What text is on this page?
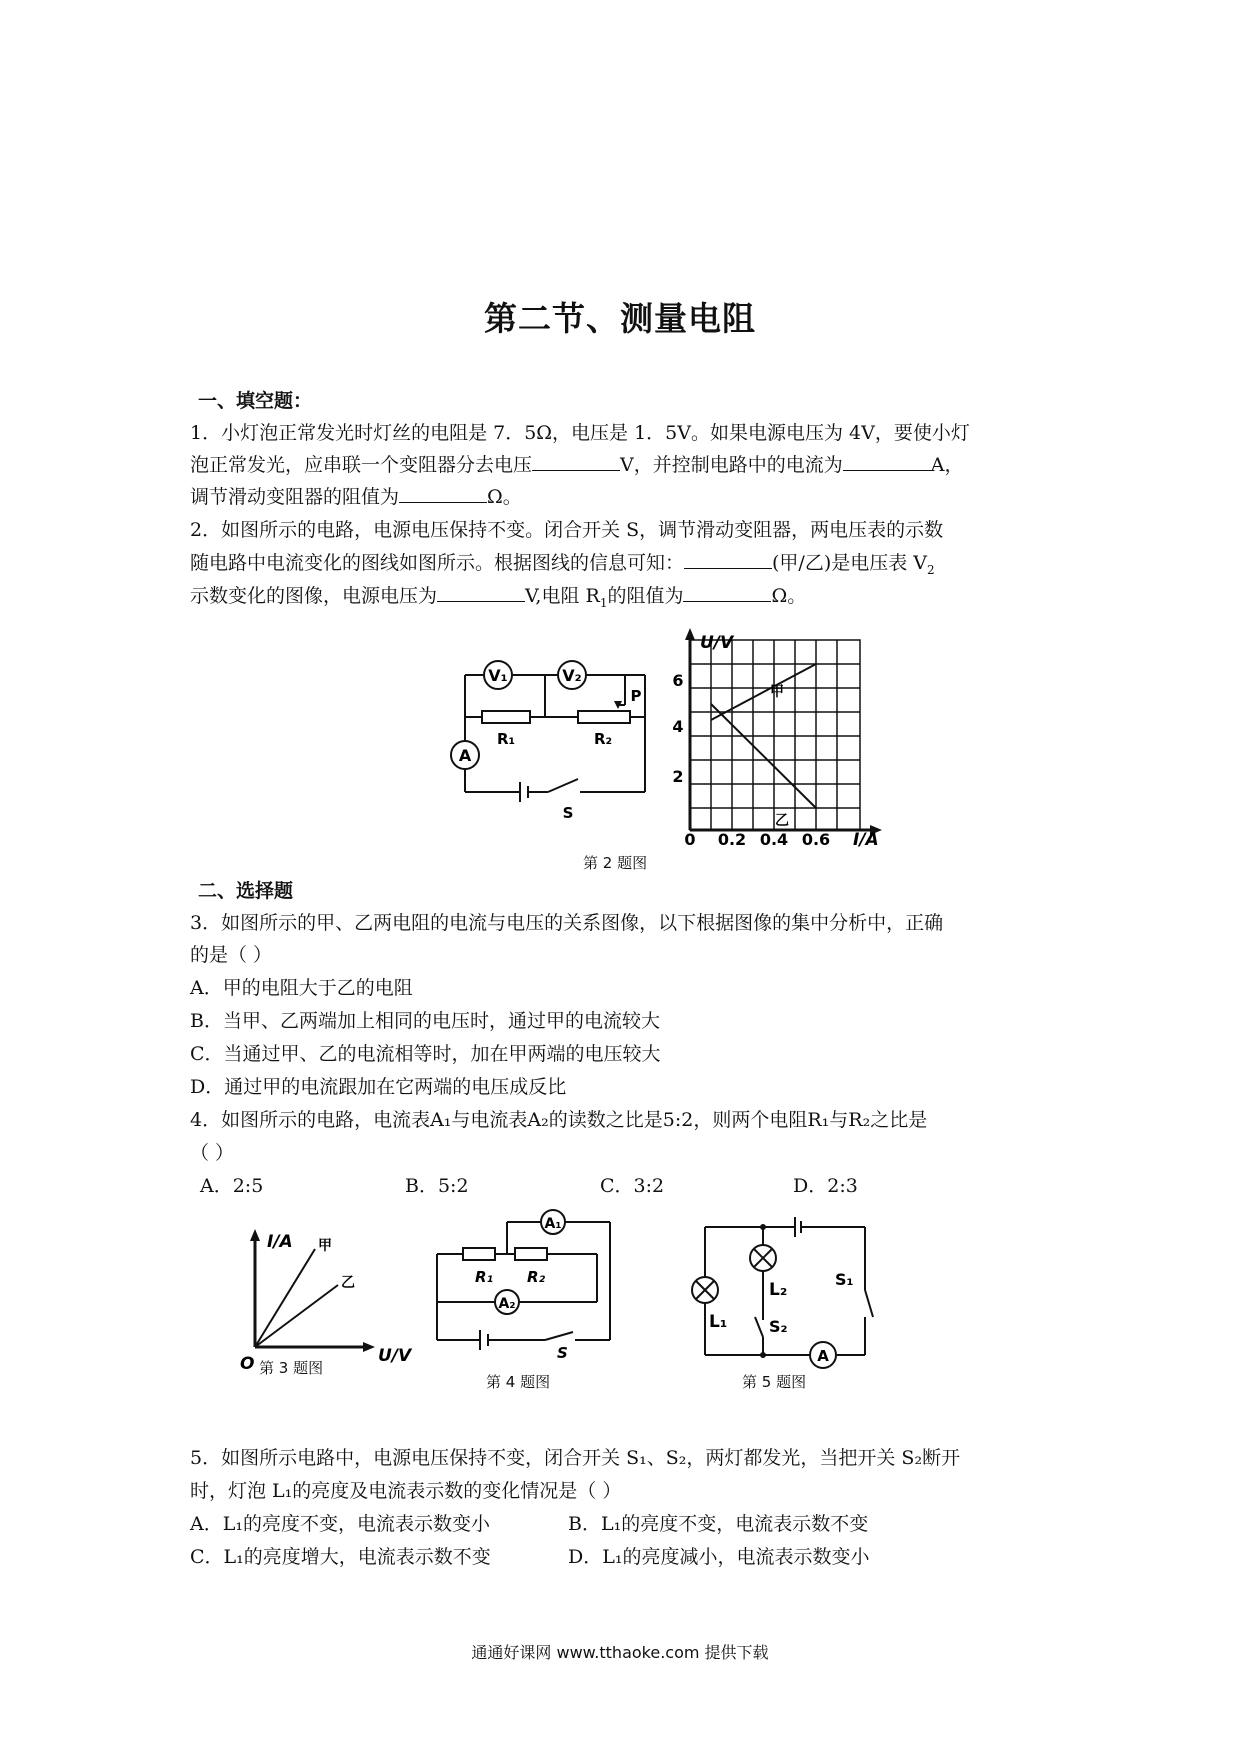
第二节、测量电阻
一、填空题：
1．小灯泡正常发光时灯丝的电阻是 7．5Ω，电压是 1．5V。如果电源电压为 4V，要使小灯
泡正常发光，应串联一个变阻器分去电压	V，并控制电路中的电流为	A，
调节滑动变阻器的阻值为	Ω。
2．如图所示的电路，电源电压保持不变。闭合开关 S，调节滑动变阻器，两电压表的示数
随电路中电流变化的图线如图所示。根据图线的信息可知：	(甲/乙)是电压表 $V_2$
示数变化的图像，电源电压为	V,电阻 $R_1$的阻值为	Ω。
V₁	V₂
A
R₁	R₂
P
S
甲
乙
U/V
6
4
2
0 0.2 0.4 0.6 I/A
第 2 题图
二、选择题
3．如图所示的甲、乙两电阻的电流与电压的关系图像，以下根据图像的集中分析中，正确
的是（ ）
A．甲的电阻大于乙的电阻
B．当甲、乙两端加上相同的电压时，通过甲的电流较大
C．当通过甲、乙的电流相等时，加在甲两端的电压较大
D．通过甲的电流跟加在它两端的电压成反比
4．如图所示的电路，电流表A₁与电流表A₂的读数之比是5:2，则两个电阻R₁与R₂之比是
（ ）
A．2:5	B．5:2	C．3:2	D．2:3
I/A 甲
乙
O	U/V
第 3 题图
A₁
A₂
R₁ R₂
S
第 4 题图
A
L₁
L₂
S₂
S₁
第 5 题图
5．如图所示电路中，电源电压保持不变，闭合开关 S₁、S₂，两灯都发光，当把开关 S₂断开
时，灯泡 L₁的亮度及电流表示数的变化情况是（ ）
A．L₁的亮度不变，电流表示数变小	B．L₁的亮度不变，电流表示数不变
C．L₁的亮度增大，电流表示数不变	D．L₁的亮度减小，电流表示数变小
通通好课网 www.tthaoke.com 提供下载
